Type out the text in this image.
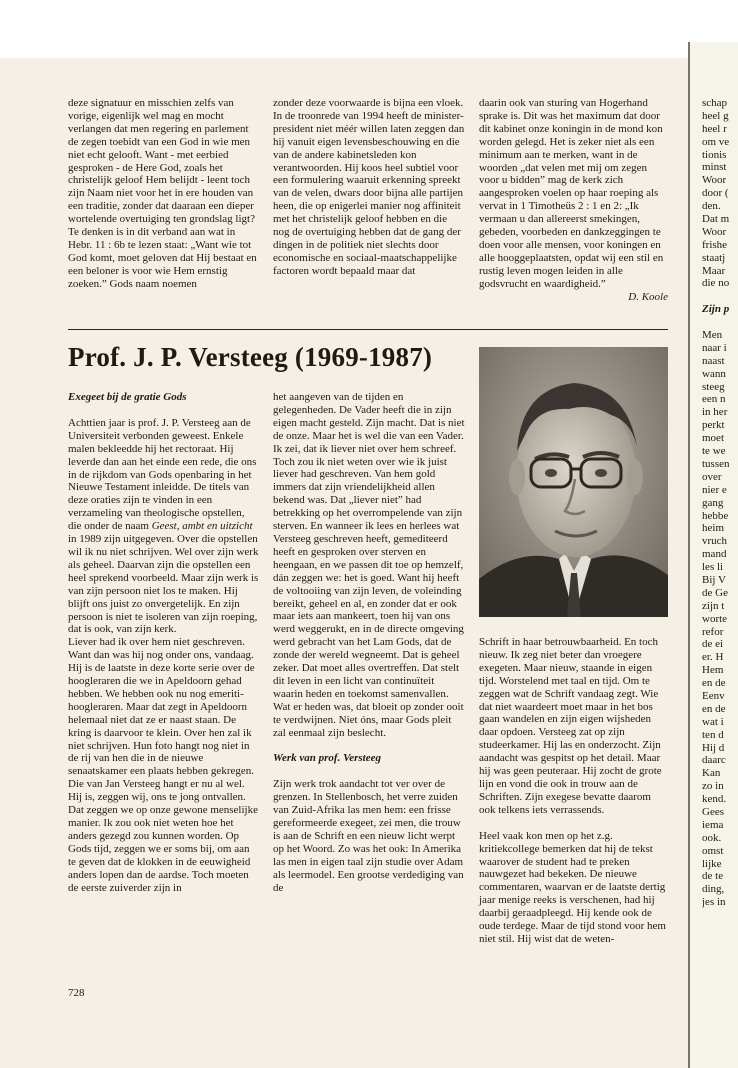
deze signatuur en misschien zelfs van vorige, eigenlijk wel mag en mocht verlangen dat men regering en parlement de zegen toebidt van een God in wie men niet echt gelooft. Want - met eerbied gesproken - de Here God, zoals het christelijk geloof Hem belijdt - leent toch zijn Naam niet voor het in ere houden van een traditie, zonder dat daaraan een dieper wortelende overtuiging ten grondslag ligt? Te denken is in dit verband aan wat in Hebr. 11 : 6b te lezen staat: „Want wie tot God komt, moet geloven dat Hij bestaat en een beloner is voor wie Hem ernstig zoeken.” Gods naam noemen

zonder deze voorwaarde is bijna een vloek. In de troonrede van 1994 heeft de minister-president niet méér willen laten zeggen dan hij vanuit eigen levensbeschouwing en die van de andere kabinetsleden kon verantwoorden. Hij koos heel subtiel voor een formulering waaruit erkenning spreekt van de velen, dwars door bijna alle partijen heen, die op enigerlei manier nog affiniteit met het christelijk geloof hebben en die nog de overtuiging hebben dat de gang der dingen in de politiek niet slechts door economische en sociaal-maatschappelijke factoren wordt bepaald maar dat

daarin ook van sturing van Hogerhand sprake is. Dit was het maximum dat door dit kabinet onze koningin in de mond kon worden gelegd. Het is zeker niet als een minimum aan te merken, want in de woorden „dat velen met mij om zegen voor u bidden” mag de kerk zich aangesproken voelen op haar roeping als vervat in 1 Timotheüs 2 : 1 en 2: „Ik vermaan u dan allereerst smekingen, gebeden, voorbeden en dankzeggingen te doen voor alle mensen, voor koningen en alle hooggeplaatsten, opdat wij een stil en rustig leven mogen leiden in alle godsvrucht en waardigheid.”

D. Koole

Prof. J. P. Versteeg (1969-1987)

Exegeet bij de gratie Gods

Achttien jaar is prof. J. P. Versteeg aan de Universiteit verbonden geweest. Enkele malen bekleedde hij het rectoraat. Hij leverde dan aan het einde een rede, die ons in de rijkdom van Gods openbaring in het Nieuwe Testament inleidde. De titels van deze oraties zijn te vinden in een verzameling van theologische opstellen, die onder de naam Geest, ambt en uitzicht in 1989 zijn uitgegeven. Over die opstellen wil ik nu niet schrijven. Wel over zijn werk als geheel. Daarvan zijn die opstellen een heel sprekend voorbeeld. Maar zijn werk is van zijn persoon niet los te maken. Hij blijft ons juist zo onvergetelijk. En zijn persoon is niet te isoleren van zijn roeping, dat is ook, van zijn kerk.

Liever had ik over hem niet geschreven. Want dan was hij nog onder ons, vandaag. Hij is de laatste in deze korte serie over de hoogleraren die we in Apeldoorn gehad hebben. We hebben ook nu nog emeriti-hoogleraren. Maar dat zegt in Apeldoorn helemaal niet dat ze er naast staan. De kring is daarvoor te klein. Over hen zal ik niet schrijven. Hun foto hangt nog niet in de rij van hen die in de nieuwe senaatskamer een plaats hebben gekregen. Die van Jan Versteeg hangt er nu al wel. Hij is, zeggen wij, ons te jong ontvallen. Dat zeggen we op onze gewone menselijke manier. Ik zou ook niet weten hoe het anders gezegd zou kunnen worden. Op Gods tijd, zeggen we er soms bij, om aan te geven dat de klokken in de eeuwigheid anders lopen dan de aardse. Toch moeten de eerste zuiverder zijn in

het aangeven van de tijden en gelegenheden. De Vader heeft die in zijn eigen macht gesteld. Zijn macht. Dat is niet de onze. Maar het is wel die van een Vader.

Ik zei, dat ik liever niet over hem schreef. Toch zou ik niet weten over wie ik juist liever had geschreven. Van hem gold immers dat zijn vriendelijkheid allen bekend was. Dat „liever niet” had betrekking op het overrompelende van zijn sterven. En wanneer ik lees en herlees wat Versteeg geschreven heeft, gemediteerd heeft en gesproken over sterven en heengaan, en we passen dit toe op hemzelf, dán zeggen we: het is goed. Want hij heeft de voltooiing van zijn leven, de voleinding bereikt, geheel en al, en zonder dat er ook maar iets aan mankeert, toen hij van ons werd weggerukt, en in de directe omgeving werd gebracht van het Lam Gods, dat de zonde der wereld wegneemt. Dat is geheel zeker. Dat moet alles overtreffen. Dat stelt dit leven in een licht van continuïteit waarin heden en toekomst samenvallen. Wat er heden was, dat bloeit op zonder ooit te verdwijnen. Niet óns, maar Gods pleit zal eenmaal zijn beslecht.

Werk van prof. Versteeg

Zijn werk trok aandacht tot ver over de grenzen. In Stellenbosch, het verre zuiden van Zuid-Afrika las men hem: een frisse gereformeerde exegeet, zei men, die trouw is aan de Schrift en een nieuw licht werpt op het Woord. Zo was het ook: In Amerika las men in eigen taal zijn studie over Adam als leermodel. Een grootse verdediging van de

Schrift in haar betrouwbaarheid. En toch nieuw. Ik zeg niet beter dan vroegere exegeten. Maar nieuw, staande in eigen tijd. Worstelend met taal en tijd. Om te zeggen wat de Schrift vandaag zegt. Wie dat niet waardeert moet maar in het bos gaan wandelen en zijn eigen wijsheden daar opdoen. Versteeg zat op zijn studeerkamer. Hij las en onderzocht. Zijn aandacht was gespitst op het detail. Maar hij was geen peuteraar. Hij zocht de grote lijn en vond die ook in trouw aan de Schriften. Zijn exegese bevatte daarom ook telkens iets verrassends.

Heel vaak kon men op het z.g. kritiekcollege bemerken dat hij de tekst waarover de student had te preken nauwgezet had bekeken. De nieuwe commentaren, waarvan er de laatste dertig jaar menige reeks is verschenen, had hij daarbij geraadpleegd. Hij kende ook de oude terdege. Maar de tijd stond voor hem niet stil. Hij wist dat de weten-

728
schap
heel g
heel r
om ve
tionis
minst
Woor
door (
den.
Dat m
Woor
frishe
staatj
Maar
die no
Zijn p
Men
naar i
naast
wann
steeg
een n
in her
perkt
moet
te we
tussen
over
nier e
gang
hebbe
heim
vruch
mand
les li
Bij V
de Ge
zijn t
worte
refor
de ei
er. H
Hem
en de
Eenv
en de
wat i
ten d
Hij d
daarc
Kan
zo in
kend.
Gees
iema
ook.
omst
lijke
de te
ding,
jes in
